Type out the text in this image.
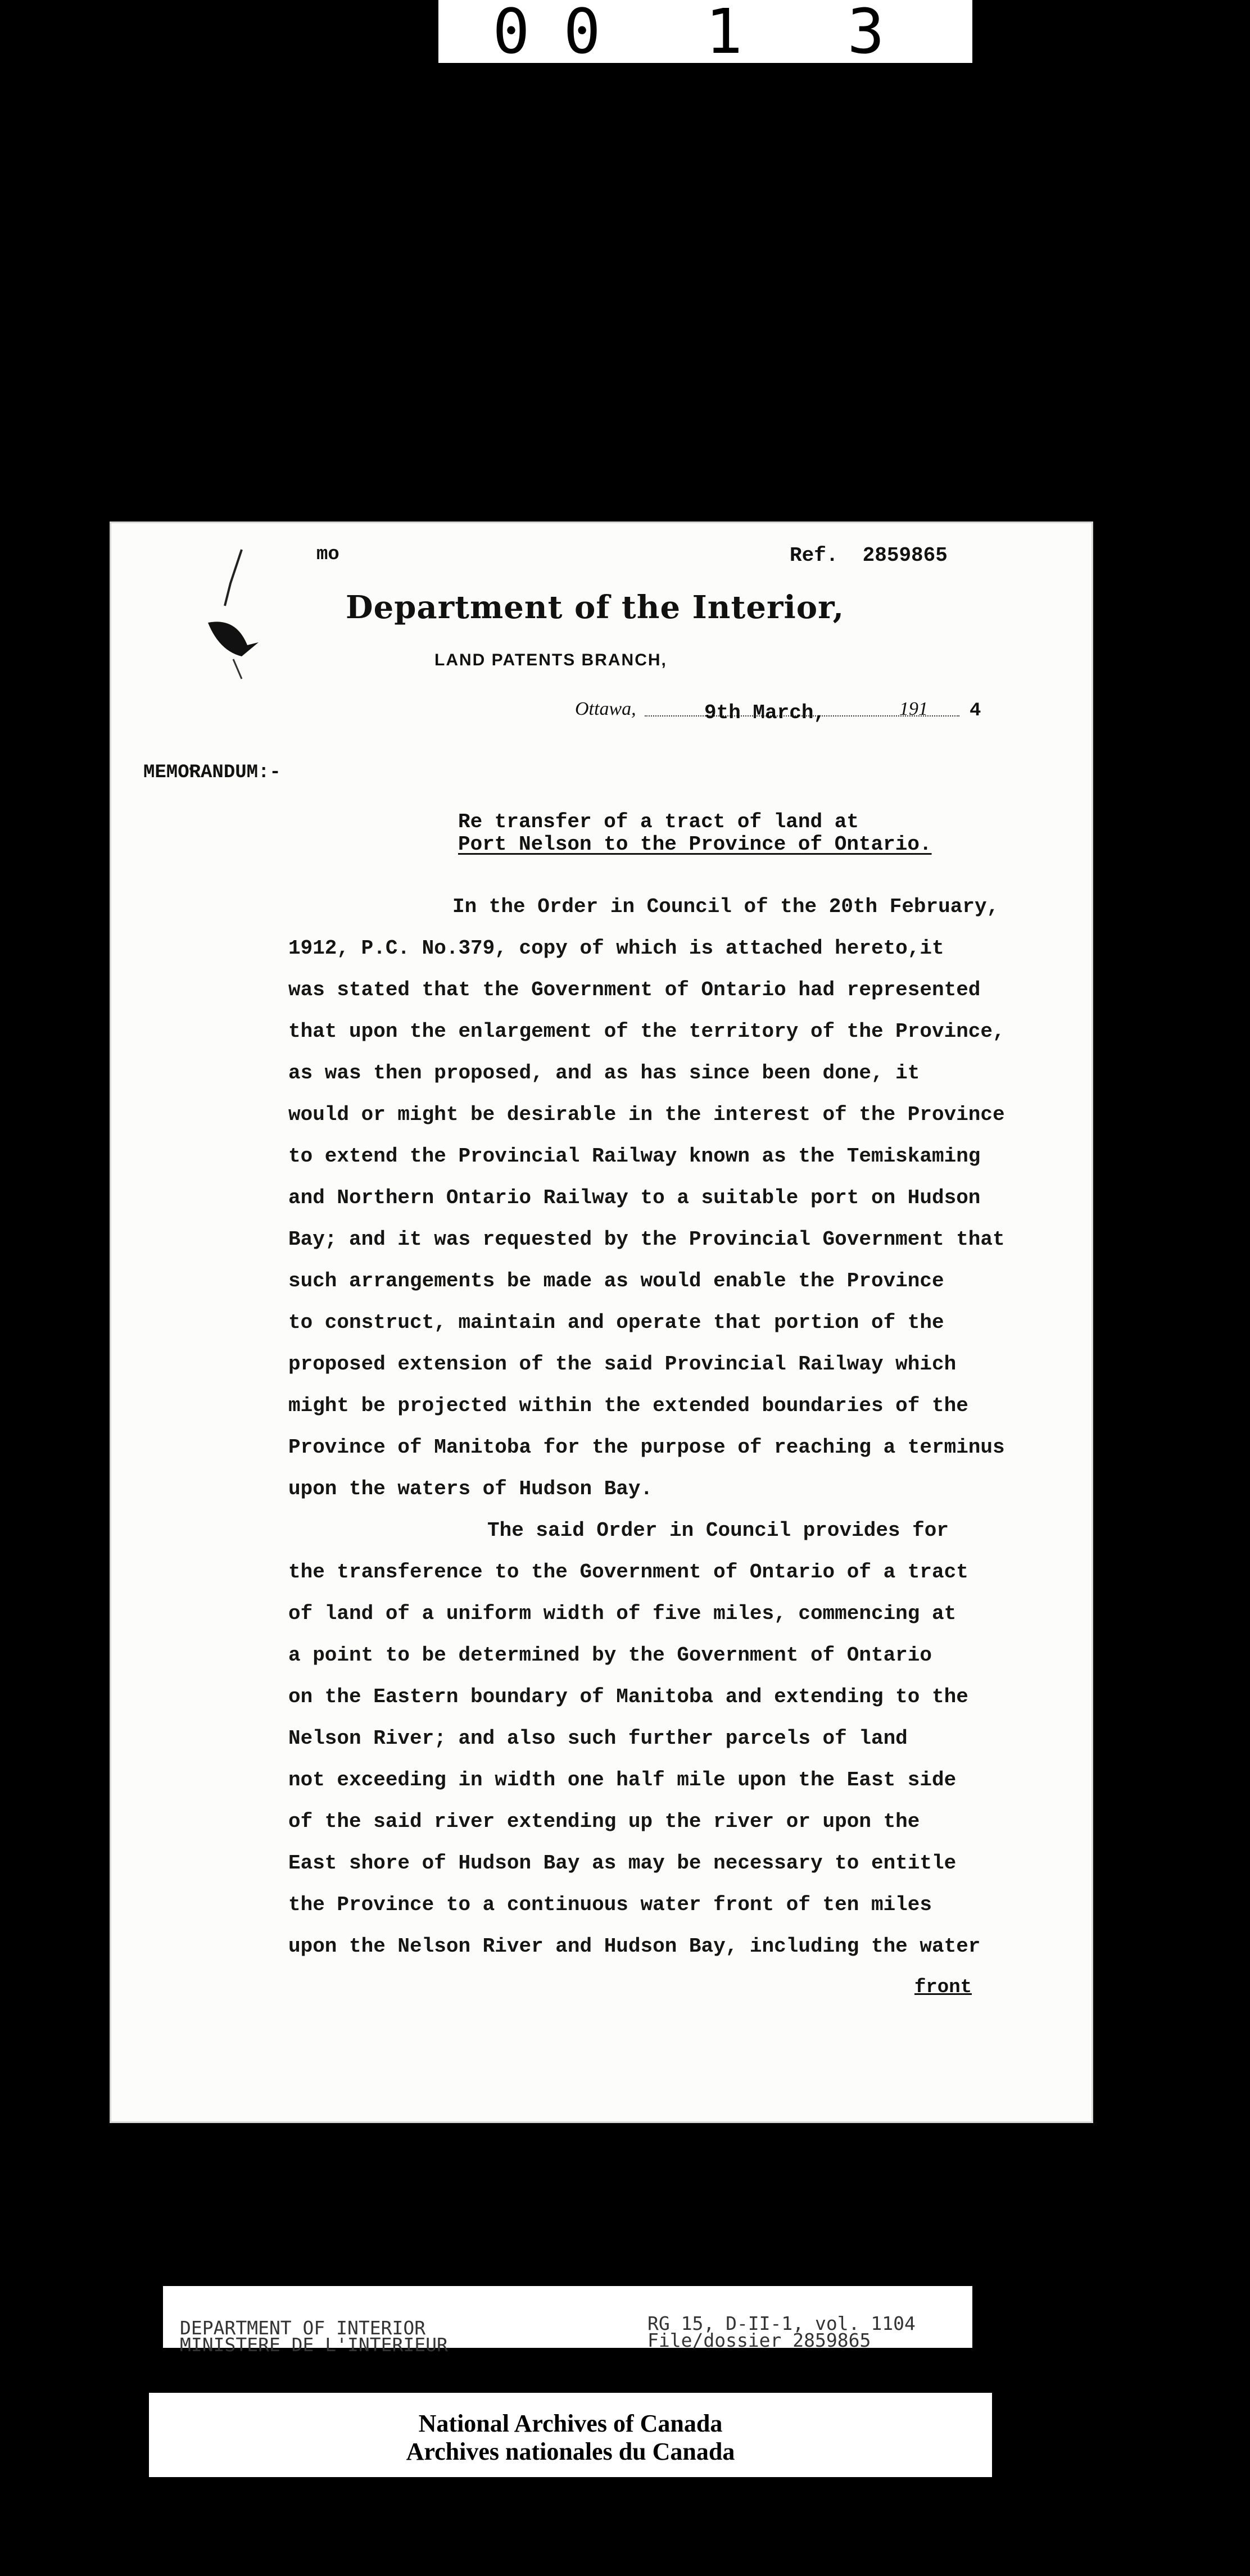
00 1 3 1 1
mo	Ref. 2859865
Department of the Interior,
LAND PATENTS BRANCH,
Ottawa,	9th March,	191 4
MEMORANDUM:-
Re transfer of a tract of land at
Port Nelson to the Province of Ontario.
In the Order in Council of the 20th February,
1912, P.C. No.379, copy of which is attached hereto,it
was stated that the Government of Ontario had represented
that upon the enlargement of the territory of the Province,
as was then proposed, and as has since been done, it
would or might be desirable in the interest of the Province
to extend the Provincial Railway known as the Temiskaming
and Northern Ontario Railway to a suitable port on Hudson
Bay; and it was requested by the Provincial Government that
such arrangements be made as would enable the Province
to construct, maintain and operate that portion of the
proposed extension of the said Provincial Railway which
might be projected within the extended boundaries of the
Province of Manitoba for the purpose of reaching a terminus
upon the waters of Hudson Bay.
The said Order in Council provides for
the transference to the Government of Ontario of a tract
of land of a uniform width of five miles, commencing at
a point to be determined by the Government of Ontario
on the Eastern boundary of Manitoba and extending to the
Nelson River; and also such further parcels of land
not exceeding in width one half mile upon the East side
of the said river extending up the river or upon the
East shore of Hudson Bay as may be necessary to entitle
the Province to a continuous water front of ten miles
upon the Nelson River and Hudson Bay, including the water
front
DEPARTMENT OF INTERIOR
MINISTERE DE L'INTERIEUR
RG 15, D-II-1, vol. 1104
File/dossier 2859865
National Archives of Canada
Archives nationales du Canada
